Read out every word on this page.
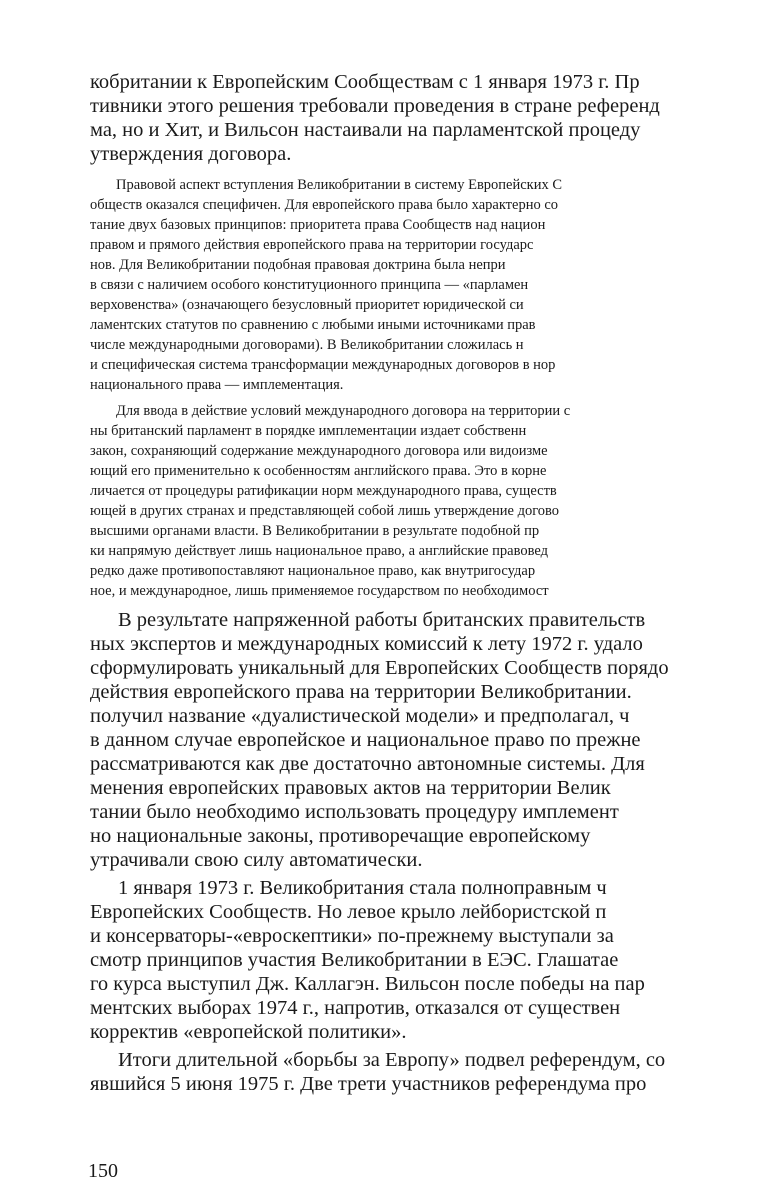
кобритании к Европейским Сообществам с 1 января 1973 г. Пр
тивники этого решения требовали проведения в стране референд
ма, но и Хит, и Вильсон настаивали на парламентской процеду
утверждения договора.
Правовой аспект вступления Великобритании в систему Европейских С
обществ оказался специфичен. Для европейского права было характерно со
тание двух базовых принципов: приоритета права Сообществ над национ
правом и прямого действия европейского права на территории государс
нов. Для Великобритании подобная правовая доктрина была непри
в связи с наличием особого конституционного принципа — «парламен
верховенства» (означающего безусловный приоритет юридической си
ламентских статутов по сравнению с любыми иными источниками прав
числе международными договорами). В Великобритании сложилась н
и специфическая система трансформации международных договоров в нор
национального права — имплементация.
Для ввода в действие условий международного договора на территории с
ны британский парламент в порядке имплементации издает собственн
закон, сохраняющий содержание международного договора или видоизме
ющий его применительно к особенностям английского права. Это в корне
личается от процедуры ратификации норм международного права, существ
ющей в других странах и представляющей собой лишь утверждение догово
высшими органами власти. В Великобритании в результате подобной пр
ки напрямую действует лишь национальное право, а английские правовед
редко даже противопоставляют национальное право, как внутригосудар
ное, и международное, лишь применяемое государством по необходимост
В результате напряженной работы британских правительств
ных экспертов и международных комиссий к лету 1972 г. удало
сформулировать уникальный для Европейских Сообществ порядо
действия европейского права на территории Великобритании.
получил название «дуалистической модели» и предполагал, ч
в данном случае европейское и национальное право по прежне
рассматриваются как две достаточно автономные системы. Для
менения европейских правовых актов на территории Велик
тании было необходимо использовать процедуру имплемент
но национальные законы, противоречащие европейскому
утрачивали свою силу автоматически.
1 января 1973 г. Великобритания стала полноправным ч
Европейских Сообществ. Но левое крыло лейбористской п
и консерваторы-«евроскептики» по-прежнему выступали за
смотр принципов участия Великобритании в ЕЭС. Глашатае
го курса выступил Дж. Каллагэн. Вильсон после победы на пар
ментских выборах 1974 г., напротив, отказался от существен
корректив «европейской политики».
Итоги длительной «борьбы за Европу» подвел референдум, со
явшийся 5 июня 1975 г. Две трети участников референдума про
150
